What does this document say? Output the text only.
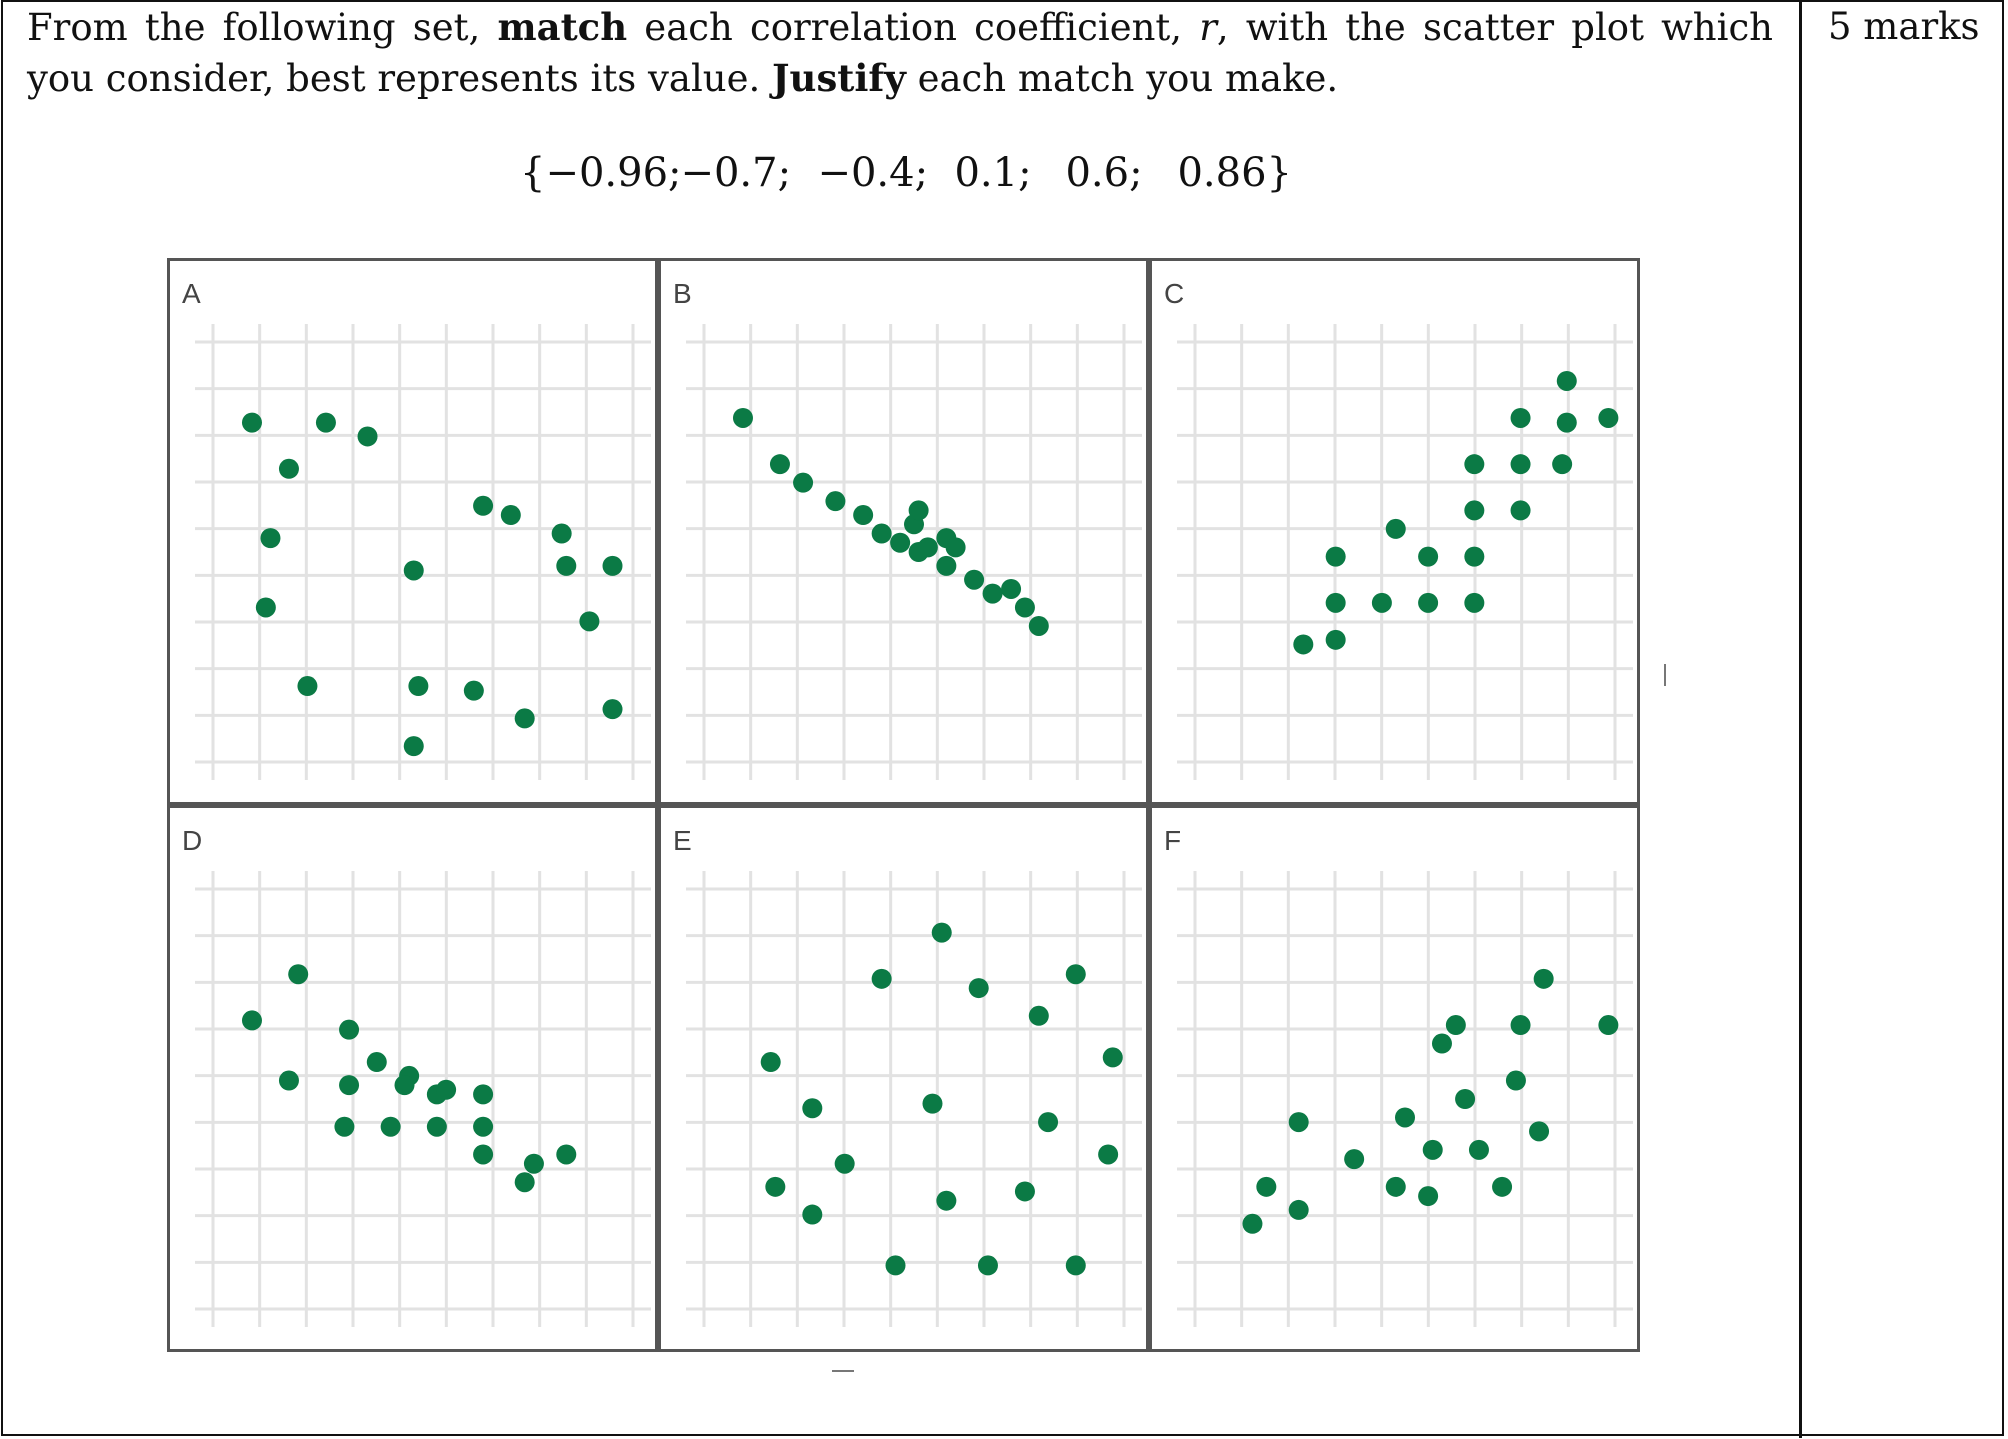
From the following set, match each correlation coefficient, r, with the scatter plot which you consider, best represents its value. Justify each match you make.
5 marks
{−0.96;−0.7; −0.4; 0.1; 0.6; 0.86}
A	B	C
D	E	F
